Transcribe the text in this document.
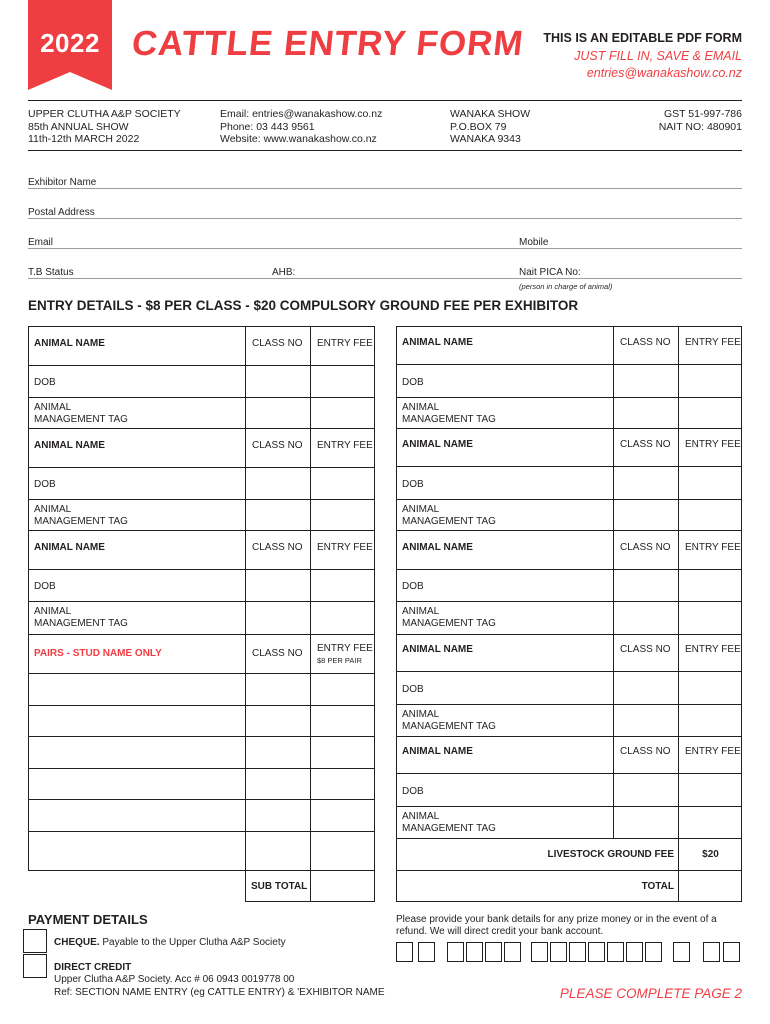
2022 CATTLE ENTRY FORM THIS IS AN EDITABLE PDF FORM
JUST FILL IN, SAVE & EMAIL
entries@wanakashow.co.nz
UPPER CLUTHA A&P SOCIETY
85th ANNUAL SHOW
11th-12th MARCH 2022
Email: entries@wanakashow.co.nz
Phone: 03 443 9561
Website: www.wanakashow.co.nz
WANAKA SHOW
P.O.BOX 79
WANAKA 9343
GST 51-997-786
NAIT NO: 480901
Exhibitor Name
Postal Address
Email	Mobile
T.B Status	AHB:	Nait PICA No:
(person in charge of animal)
ENTRY DETAILS - $8 PER CLASS - $20 COMPULSORY GROUND FEE PER EXHIBITOR
ANIMAL NAME	CLASS NO ENTRY FEE
DOB
ANIMAL
MANAGEMENT TAG
ANIMAL NAME	CLASS NO ENTRY FEE
DOB
ANIMAL
MANAGEMENT TAG
ANIMAL NAME	CLASS NO ENTRY FEE
DOB
ANIMAL
MANAGEMENT TAG
PAIRS - STUD NAME ONLY	CLASS NO ENTRY FEE
$8 PER PAIR
SUB TOTAL
ANIMAL NAME	CLASS NO ENTRY FEE
DOB
ANIMAL
MANAGEMENT TAG
ANIMAL NAME	CLASS NO ENTRY FEE
DOB
ANIMAL
MANAGEMENT TAG
ANIMAL NAME	CLASS NO ENTRY FEE
DOB
ANIMAL
MANAGEMENT TAG
ANIMAL NAME	CLASS NO ENTRY FEE
DOB
ANIMAL
MANAGEMENT TAG
ANIMAL NAME	CLASS NO ENTRY FEE
DOB
ANIMAL
MANAGEMENT TAG
LIVESTOCK GROUND FEE	$20
TOTAL
PAYMENT DETAILS
CHEQUE. Payable to the Upper Clutha A&P Society
DIRECT CREDIT
Upper Clutha A&P Society. Acc # 06 0943 0019778 00
Ref: SECTION NAME ENTRY (eg CATTLE ENTRY) & 'EXHIBITOR NAME
Please provide your bank details for any prize money or in the event of a refund. We will direct credit your bank account.
PLEASE COMPLETE PAGE 2
